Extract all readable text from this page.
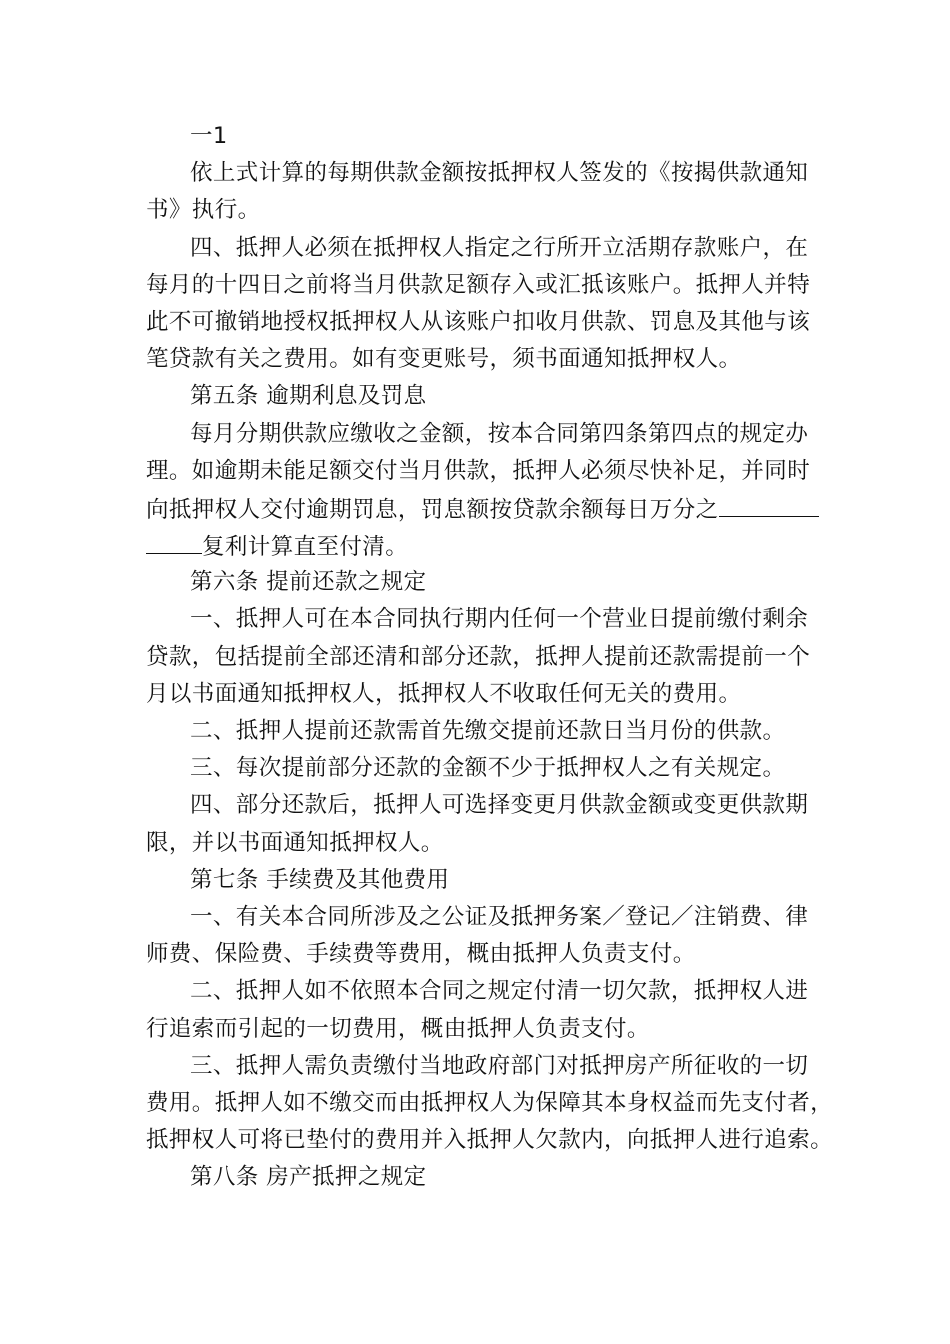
一1
依上式计算的每期供款金额按抵押权人签发的《按揭供款通知
书》执行。
四、抵押人必须在抵押权人指定之行所开立活期存款账户，在
每月的十四日之前将当月供款足额存入或汇抵该账户。抵押人并特
此不可撤销地授权抵押权人从该账户扣收月供款、罚息及其他与该
笔贷款有关之费用。如有变更账号，须书面通知抵押权人。
第五条 逾期利息及罚息
每月分期供款应缴收之金额，按本合同第四条第四点的规定办
理。如逾期未能足额交付当月供款，抵押人必须尽快补足，并同时
向抵押权人交付逾期罚息，罚息额按贷款余额每日万分之
复利计算直至付清。
第六条 提前还款之规定
一、抵押人可在本合同执行期内任何一个营业日提前缴付剩余
贷款，包括提前全部还清和部分还款，抵押人提前还款需提前一个
月以书面通知抵押权人，抵押权人不收取任何无关的费用。
二、抵押人提前还款需首先缴交提前还款日当月份的供款。
三、每次提前部分还款的金额不少于抵押权人之有关规定。
四、部分还款后，抵押人可选择变更月供款金额或变更供款期
限，并以书面通知抵押权人。
第七条 手续费及其他费用
一、有关本合同所涉及之公证及抵押务案／登记／注销费、律
师费、保险费、手续费等费用，概由抵押人负责支付。
二、抵押人如不依照本合同之规定付清一切欠款，抵押权人进
行追索而引起的一切费用，概由抵押人负责支付。
三、抵押人需负责缴付当地政府部门对抵押房产所征收的一切
费用。抵押人如不缴交而由抵押权人为保障其本身权益而先支付者，
抵押权人可将已垫付的费用并入抵押人欠款内，向抵押人进行追索。
第八条 房产抵押之规定
